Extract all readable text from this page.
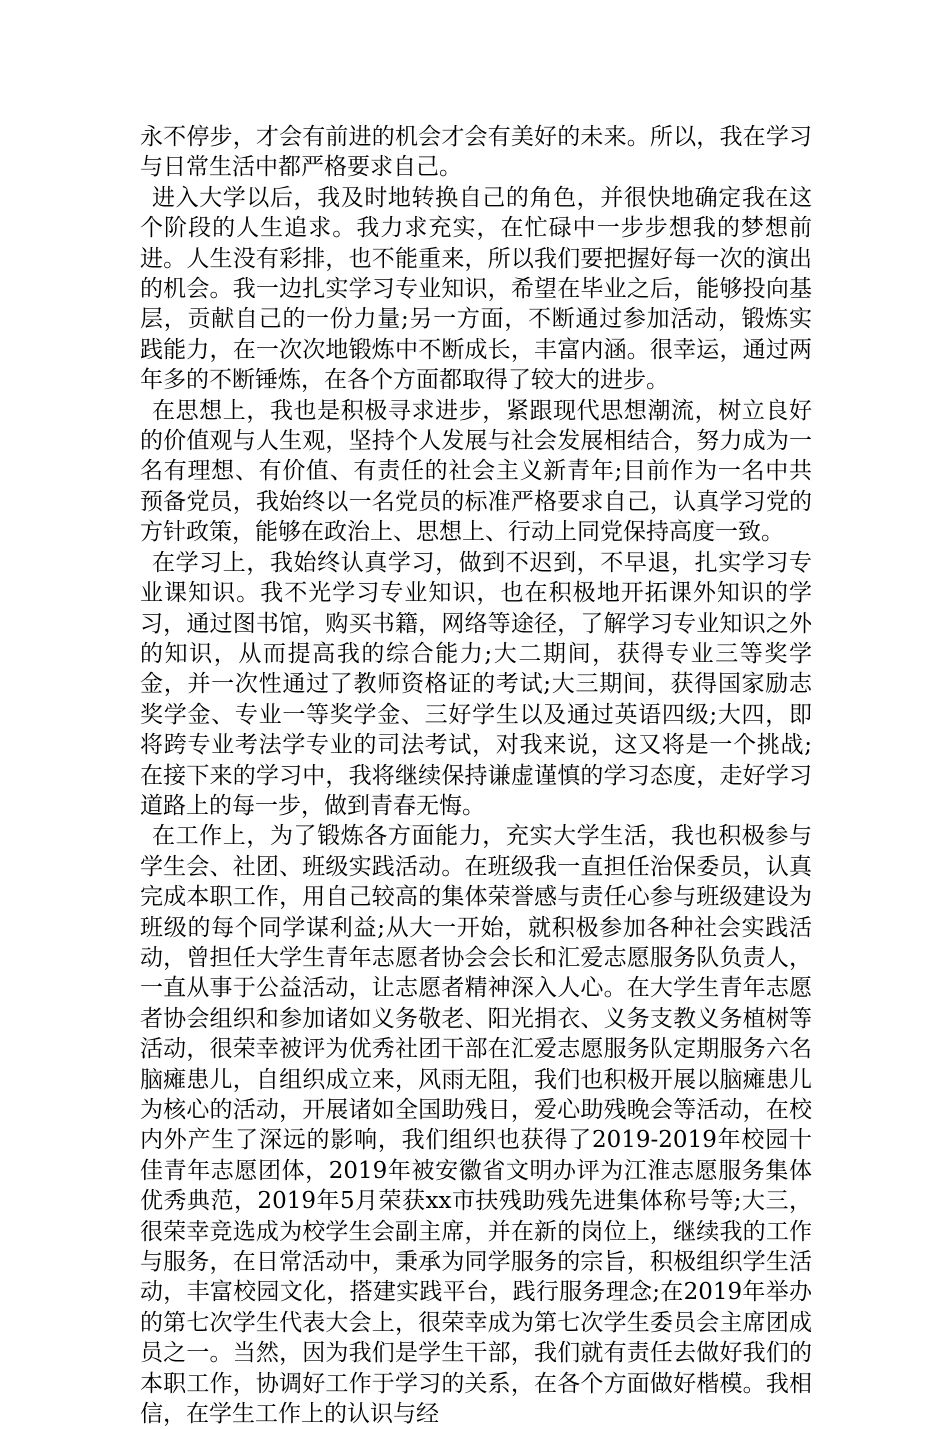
永不停步，才会有前进的机会才会有美好的未来。所以，我在学习与日常生活中都严格要求自己。

进入大学以后，我及时地转换自己的角色，并很快地确定我在这个阶段的人生追求。我力求充实，在忙碌中一步步想我的梦想前进。人生没有彩排，也不能重来，所以我们要把握好每一次的演出的机会。我一边扎实学习专业知识，希望在毕业之后，能够投向基层，贡献自己的一份力量;另一方面，不断通过参加活动，锻炼实践能力，在一次次地锻炼中不断成长，丰富内涵。很幸运，通过两年多的不断锤炼，在各个方面都取得了较大的进步。

在思想上，我也是积极寻求进步，紧跟现代思想潮流，树立良好的价值观与人生观，坚持个人发展与社会发展相结合，努力成为一名有理想、有价值、有责任的社会主义新青年;目前作为一名中共预备党员，我始终以一名党员的标准严格要求自己，认真学习党的方针政策，能够在政治上、思想上、行动上同党保持高度一致。

在学习上，我始终认真学习，做到不迟到，不早退，扎实学习专业课知识。我不光学习专业知识，也在积极地开拓课外知识的学习，通过图书馆，购买书籍，网络等途径，了解学习专业知识之外的知识，从而提高我的综合能力;大二期间，获得专业三等奖学金，并一次性通过了教师资格证的考试;大三期间，获得国家励志奖学金、专业一等奖学金、三好学生以及通过英语四级;大四，即将跨专业考法学专业的司法考试，对我来说，这又将是一个挑战;在接下来的学习中，我将继续保持谦虚谨慎的学习态度，走好学习道路上的每一步，做到青春无悔。

在工作上，为了锻炼各方面能力，充实大学生活，我也积极参与学生会、社团、班级实践活动。在班级我一直担任治保委员，认真完成本职工作，用自己较高的集体荣誉感与责任心参与班级建设为班级的每个同学谋利益;从大一开始，就积极参加各种社会实践活动，曾担任大学生青年志愿者协会会长和汇爱志愿服务队负责人，一直从事于公益活动，让志愿者精神深入人心。在大学生青年志愿者协会组织和参加诸如义务敬老、阳光捐衣、义务支教义务植树等活动，很荣幸被评为优秀社团干部在汇爱志愿服务队定期服务六名脑瘫患儿，自组织成立来，风雨无阻，我们也积极开展以脑瘫患儿为核心的活动，开展诸如全国助残日，爱心助残晚会等活动，在校内外产生了深远的影响，我们组织也获得了2019-2019年校园十佳青年志愿团体，2019年被安徽省文明办评为江淮志愿服务集体优秀典范，2019年5月荣获xx市扶残助残先进集体称号等;大三，很荣幸竞选成为校学生会副主席，并在新的岗位上，继续我的工作与服务，在日常活动中，秉承为同学服务的宗旨，积极组织学生活动，丰富校园文化，搭建实践平台，践行服务理念;在2019年举办的第七次学生代表大会上，很荣幸成为第七次学生委员会主席团成员之一。当然，因为我们是学生干部，我们就有责任去做好我们的本职工作，协调好工作于学习的关系，在各个方面做好楷模。我相信，在学生工作上的认识与经
